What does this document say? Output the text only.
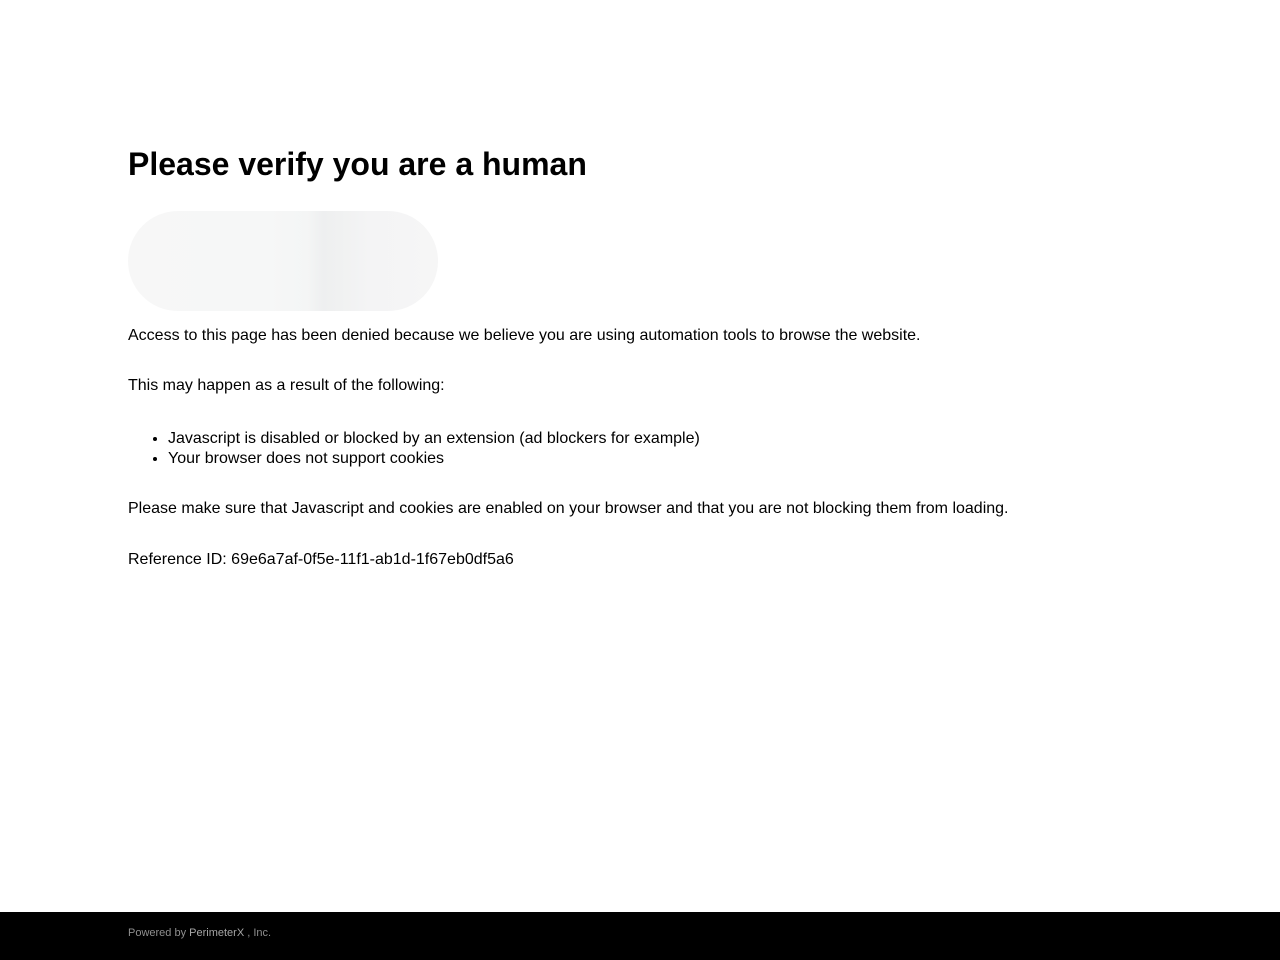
Please verify you are a human

Access to this page has been denied because we believe you are using automation tools to browse the website.

This may happen as a result of the following:

• Javascript is disabled or blocked by an extension (ad blockers for example)
• Your browser does not support cookies

Please make sure that Javascript and cookies are enabled on your browser and that you are not blocking them from loading.

Reference ID: 69e6a7af-0f5e-11f1-ab1d-1f67eb0df5a6

Powered by PerimeterX , Inc.
